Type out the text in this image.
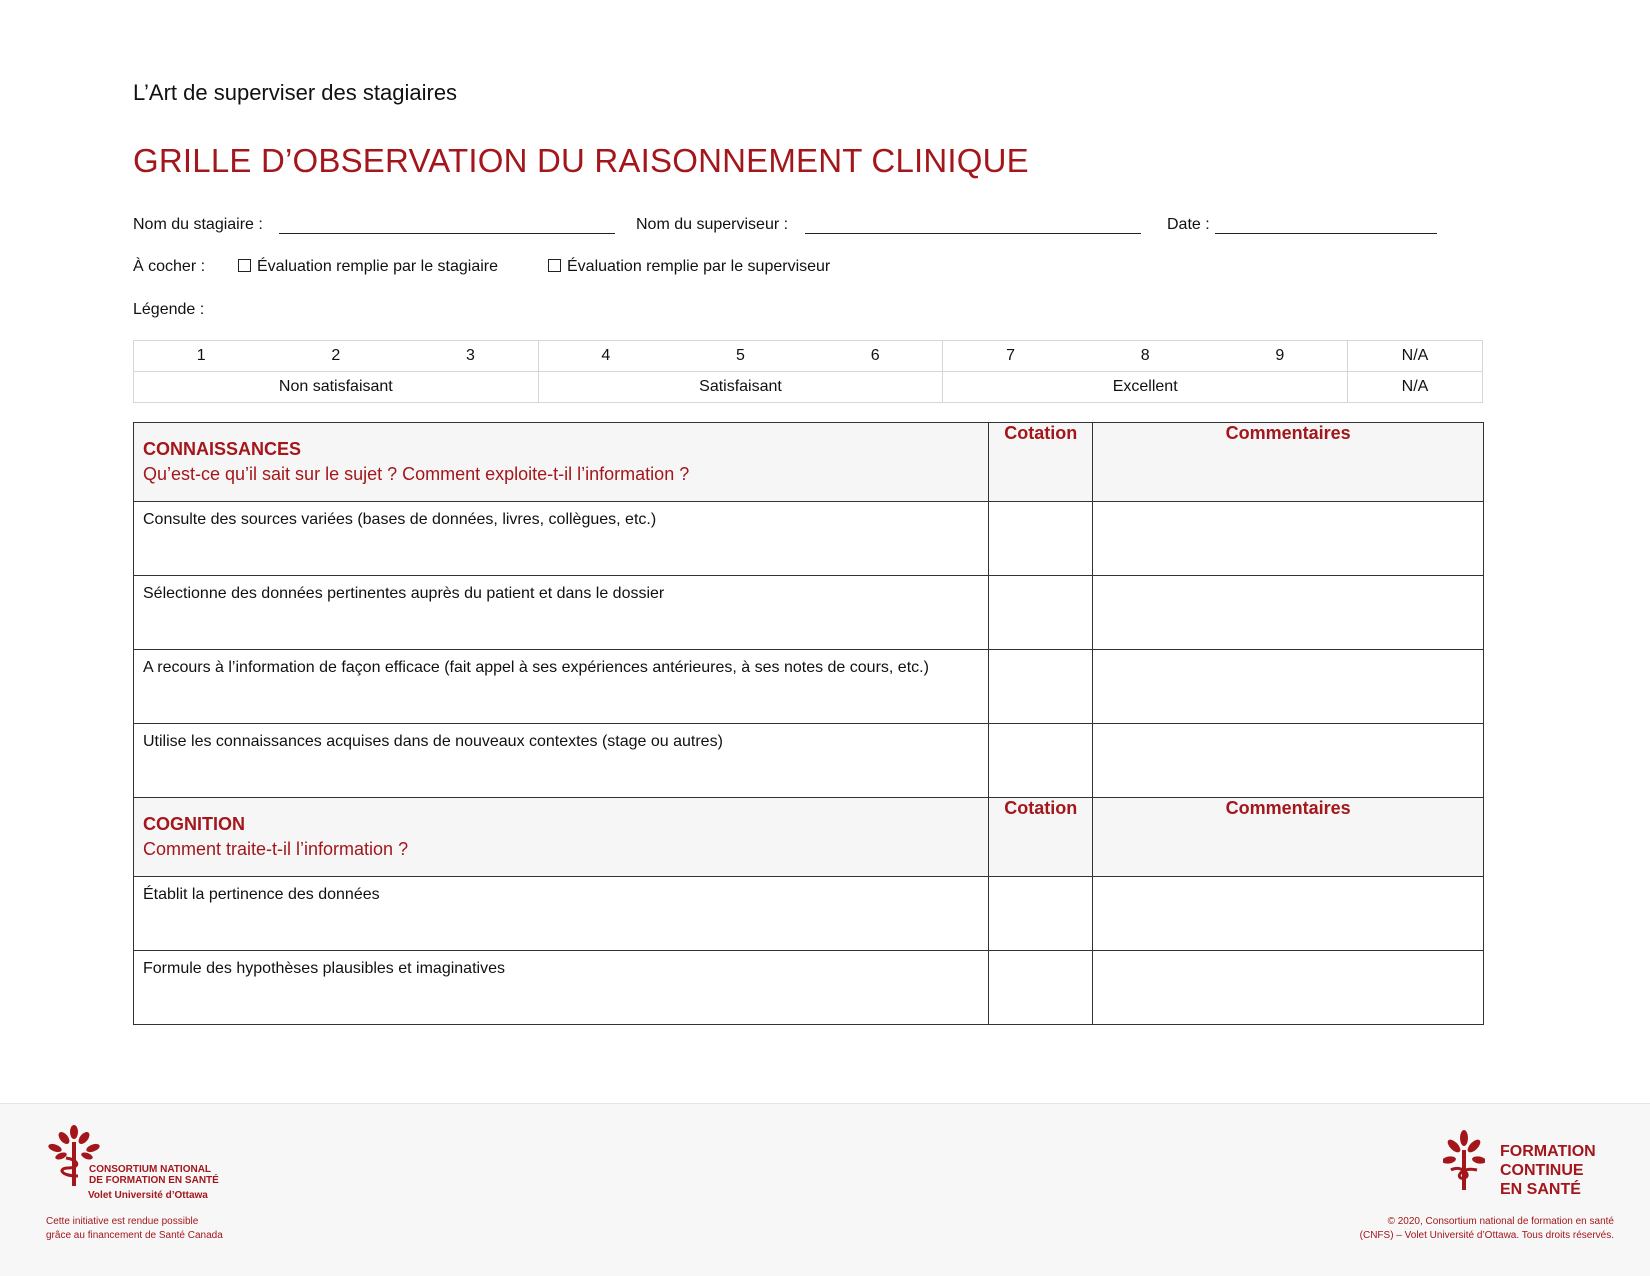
L’Art de superviser des stagiaires
GRILLE D’OBSERVATION DU RAISONNEMENT CLINIQUE
Nom du stagiaire :	Nom du superviseur :	Date :
À cocher :	Évaluation remplie par le stagiaire	Évaluation remplie par le superviseur
Légende :
1	2	3	4	5	6	7	8	9	N/A
Non satisfaisant			Satisfaisant			Excellent			N/A
CONNAISSANCES
Qu’est-ce qu’il sait sur le sujet ? Comment exploite-t-il l’information ?	Cotation	Commentaires

Consulte des sources variées (bases de données, livres, collègues, etc.)		

Sélectionne des données pertinentes auprès du patient et dans le dossier		

A recours à l’information de façon efficace (fait appel à ses expériences antérieures, à ses notes de cours, etc.)		

Utilise les connaissances acquises dans de nouveaux contextes (stage ou autres)		

COGNITION
Comment traite-t-il l’information ?	Cotation	Commentaires

Établit la pertinence des données		

Formule des hypothèses plausibles et imaginatives		

CONSORTIUM NATIONAL
DE FORMATION EN SANTÉ
Volet Université d’Ottawa
Cette initiative est rendue possible
grâce au financement de Santé Canada
FORMATION
CONTINUE
EN SANTÉ
© 2020, Consortium national de formation en santé
(CNFS) – Volet Université d’Ottawa. Tous droits réservés.
